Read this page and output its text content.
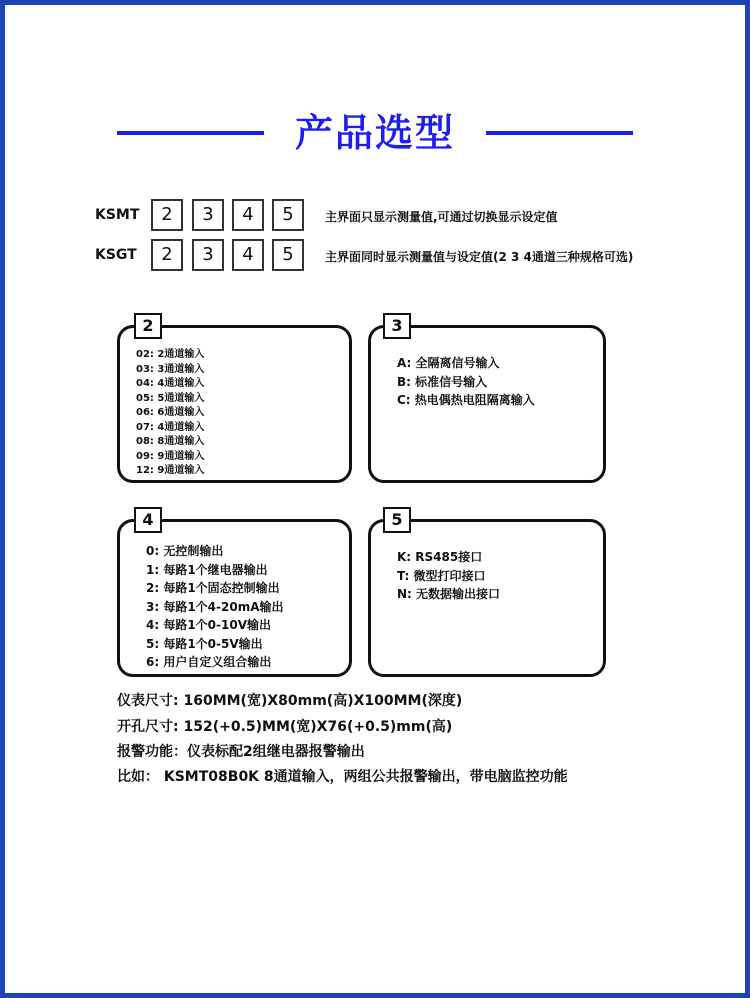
产品选型
KSMT	2	3	4	5	主界面只显示测量值,可通过切换显示设定值
KSGT	2	3	4	5	主界面同时显示测量值与设定值(2 3 4通道三种规格可选)
02: 2通道输入
03: 3通道输入
04: 4通道输入
05: 5通道输入
06: 6通道输入
07: 4通道输入
08: 8通道输入
09: 9通道输入
12: 9通道输入
2
A: 全隔离信号输入
B: 标准信号输入
C: 热电偶热电阻隔离输入
3
0: 无控制输出
1: 每路1个继电器输出
2: 每路1个固态控制输出
3: 每路1个4-20mA输出
4: 每路1个0-10V输出
5: 每路1个0-5V输出
6: 用户自定义组合输出
4
K: RS485接口
T: 微型打印接口
N: 无数据输出接口
5
仪表尺寸: 160MM(宽)X80mm(高)X100MM(深度)
开孔尺寸: 152(+0.5)MM(宽)X76(+0.5)mm(高)
报警功能：仪表标配2组继电器报警输出
比如： KSMT08B0K 8通道输入，两组公共报警输出，带电脑监控功能
